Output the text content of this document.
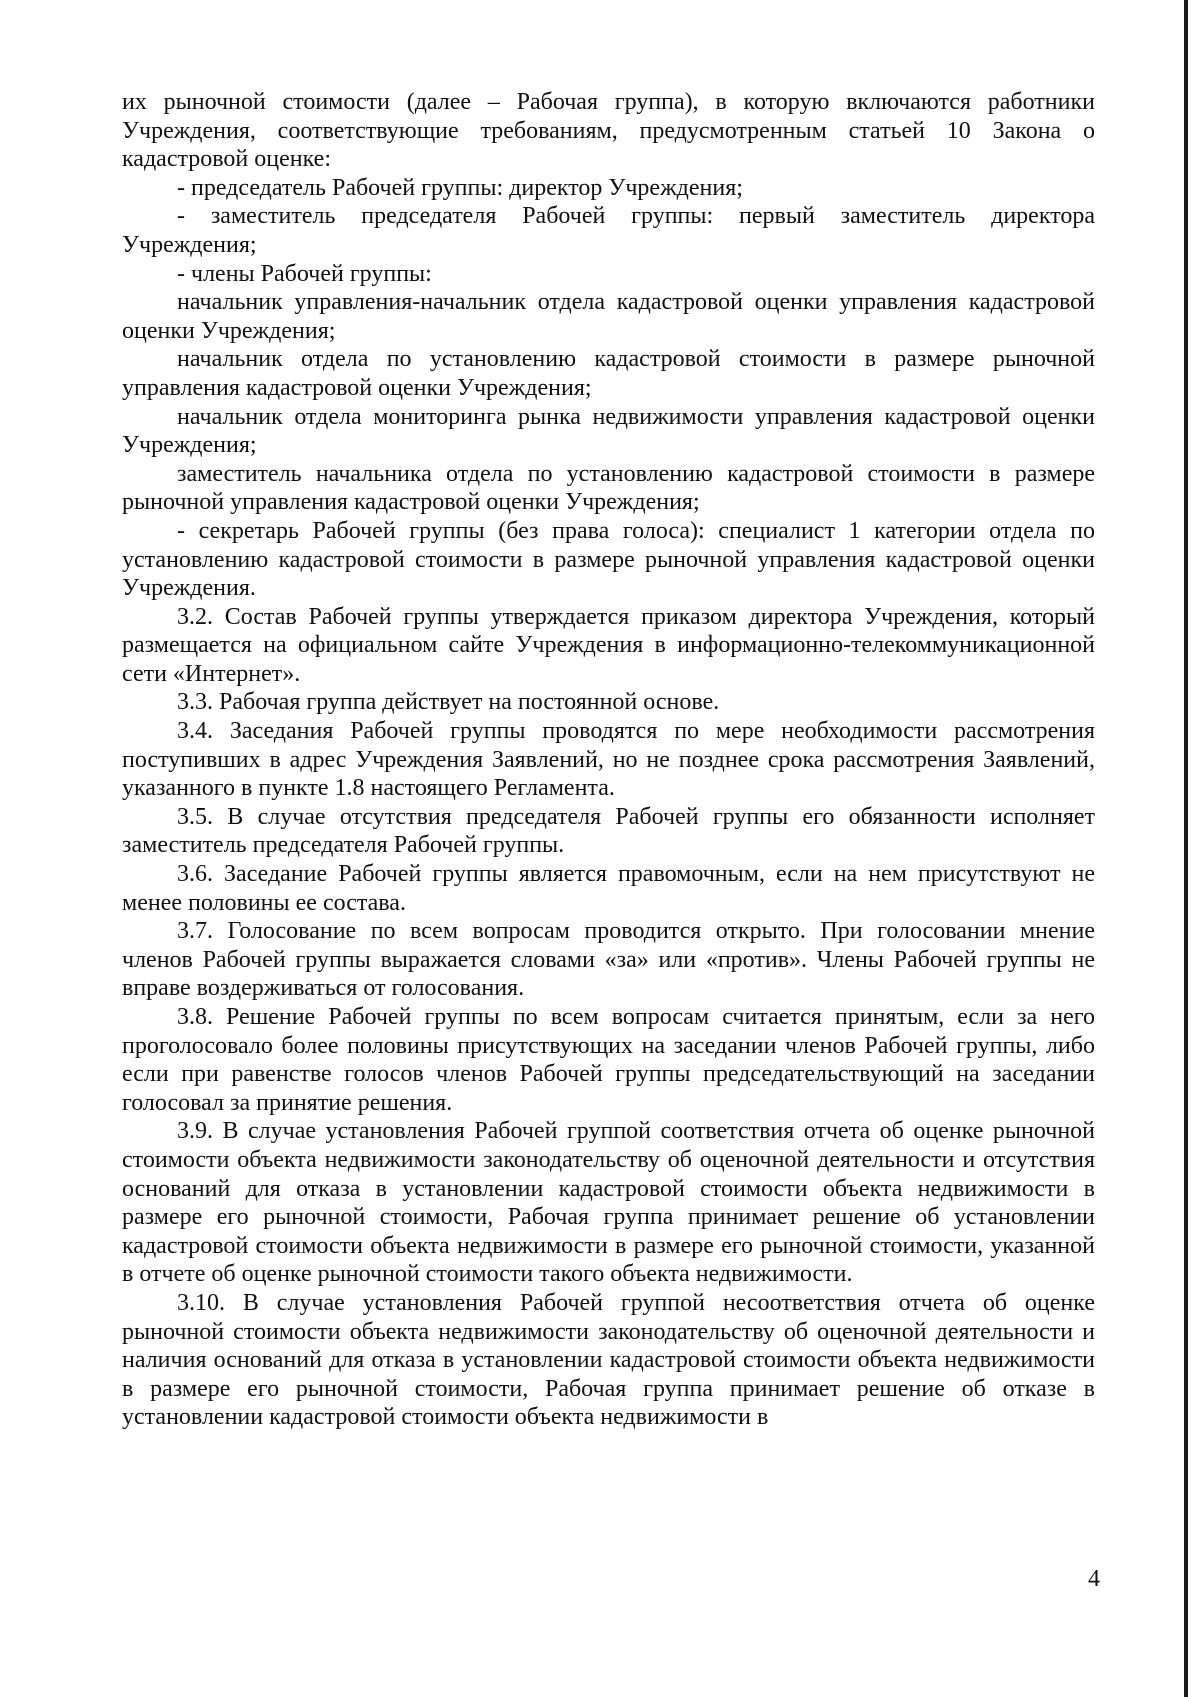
их рыночной стоимости (далее – Рабочая группа), в которую включаются работники Учреждения, соответствующие требованиям, предусмотренным статьей 10 Закона о кадастровой оценке:

- председатель Рабочей группы: директор Учреждения;

- заместитель председателя Рабочей группы: первый заместитель директора Учреждения;

- члены Рабочей группы:

начальник управления-начальник отдела кадастровой оценки управления кадастровой оценки Учреждения;

начальник отдела по установлению кадастровой стоимости в размере рыночной управления кадастровой оценки Учреждения;

начальник отдела мониторинга рынка недвижимости управления кадастровой оценки Учреждения;

заместитель начальника отдела по установлению кадастровой стоимости в размере рыночной управления кадастровой оценки Учреждения;

- секретарь Рабочей группы (без права голоса): специалист 1 категории отдела по установлению кадастровой стоимости в размере рыночной управления кадастровой оценки Учреждения.

3.2. Состав Рабочей группы утверждается приказом директора Учреждения, который размещается на официальном сайте Учреждения в информационно-телекоммуникационной сети «Интернет».

3.3. Рабочая группа действует на постоянной основе.

3.4. Заседания Рабочей группы проводятся по мере необходимости рассмотрения поступивших в адрес Учреждения Заявлений, но не позднее срока рассмотрения Заявлений, указанного в пункте 1.8 настоящего Регламента.

3.5. В случае отсутствия председателя Рабочей группы его обязанности исполняет заместитель председателя Рабочей группы.

3.6. Заседание Рабочей группы является правомочным, если на нем присутствуют не менее половины ее состава.

3.7. Голосование по всем вопросам проводится открыто. При голосовании мнение членов Рабочей группы выражается словами «за» или «против». Члены Рабочей группы не вправе воздерживаться от голосования.

3.8. Решение Рабочей группы по всем вопросам считается принятым, если за него проголосовало более половины присутствующих на заседании членов Рабочей группы, либо если при равенстве голосов членов Рабочей группы председательствующий на заседании голосовал за принятие решения.

3.9. В случае установления Рабочей группой соответствия отчета об оценке рыночной стоимости объекта недвижимости законодательству об оценочной деятельности и отсутствия оснований для отказа в установлении кадастровой стоимости объекта недвижимости в размере его рыночной стоимости, Рабочая группа принимает решение об установлении кадастровой стоимости объекта недвижимости в размере его рыночной стоимости, указанной в отчете об оценке рыночной стоимости такого объекта недвижимости.

3.10. В случае установления Рабочей группой несоответствия отчета об оценке рыночной стоимости объекта недвижимости законодательству об оценочной деятельности и наличия оснований для отказа в установлении кадастровой стоимости объекта недвижимости в размере его рыночной стоимости, Рабочая группа принимает решение об отказе в установлении кадастровой стоимости объекта недвижимости в

4
